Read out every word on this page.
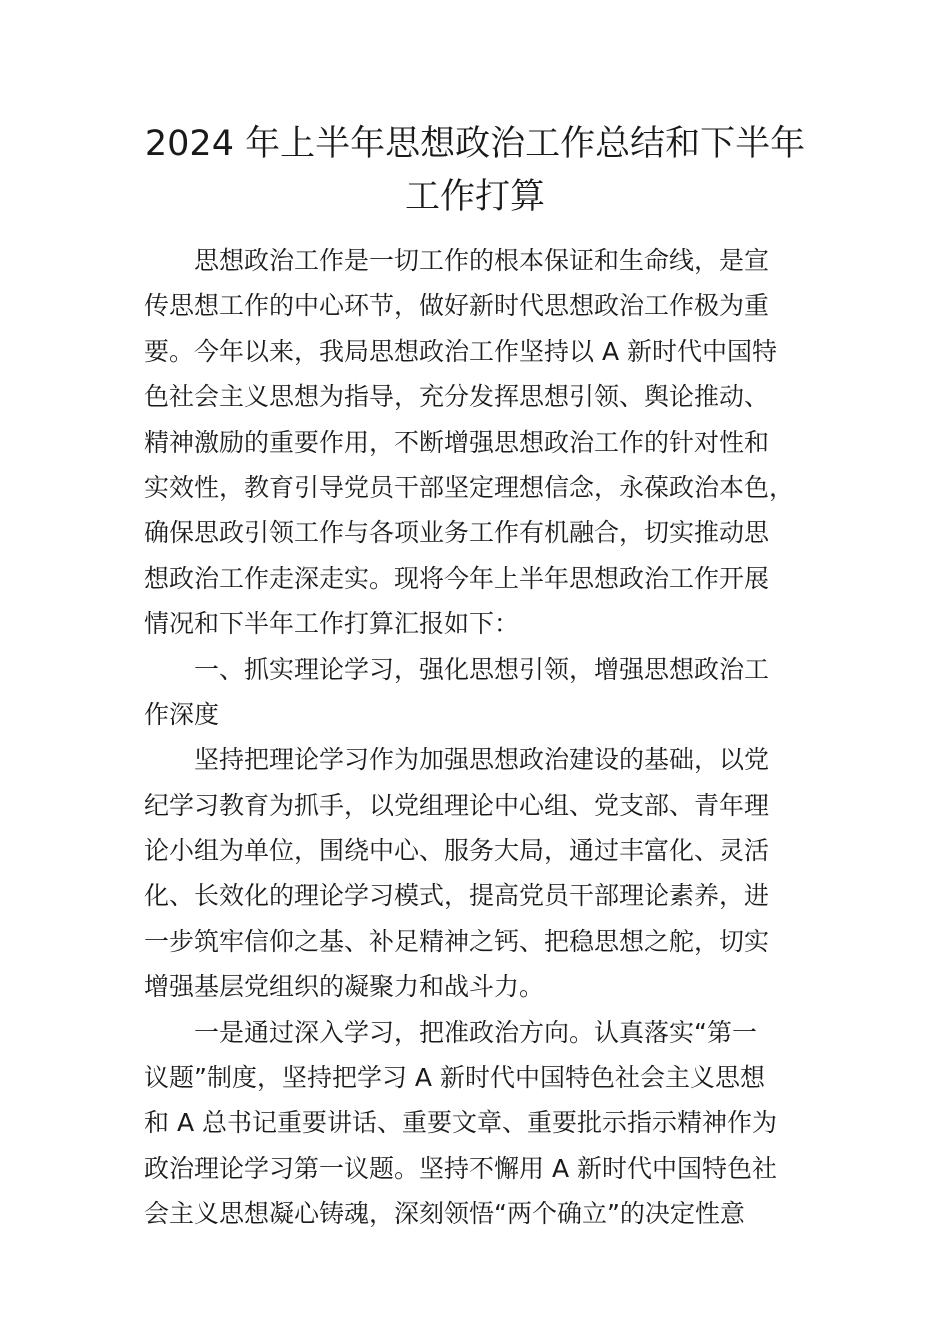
2024 年上半年思想政治工作总结和下半年
工作打算
思想政治工作是一切工作的根本保证和生命线，是宣
传思想工作的中心环节，做好新时代思想政治工作极为重
要。今年以来，我局思想政治工作坚持以 A 新时代中国特
色社会主义思想为指导，充分发挥思想引领、舆论推动、
精神激励的重要作用，不断增强思想政治工作的针对性和
实效性，教育引导党员干部坚定理想信念，永葆政治本色，
确保思政引领工作与各项业务工作有机融合，切实推动思
想政治工作走深走实。现将今年上半年思想政治工作开展
情况和下半年工作打算汇报如下：
一、抓实理论学习，强化思想引领，增强思想政治工
作深度
坚持把理论学习作为加强思想政治建设的基础，以党
纪学习教育为抓手，以党组理论中心组、党支部、青年理
论小组为单位，围绕中心、服务大局，通过丰富化、灵活
化、长效化的理论学习模式，提高党员干部理论素养，进
一步筑牢信仰之基、补足精神之钙、把稳思想之舵，切实
增强基层党组织的凝聚力和战斗力。
一是通过深入学习，把准政治方向。认真落实“第一
议题”制度，坚持把学习 A 新时代中国特色社会主义思想
和 A 总书记重要讲话、重要文章、重要批示指示精神作为
政治理论学习第一议题。坚持不懈用 A 新时代中国特色社
会主义思想凝心铸魂，深刻领悟“两个确立”的决定性意
